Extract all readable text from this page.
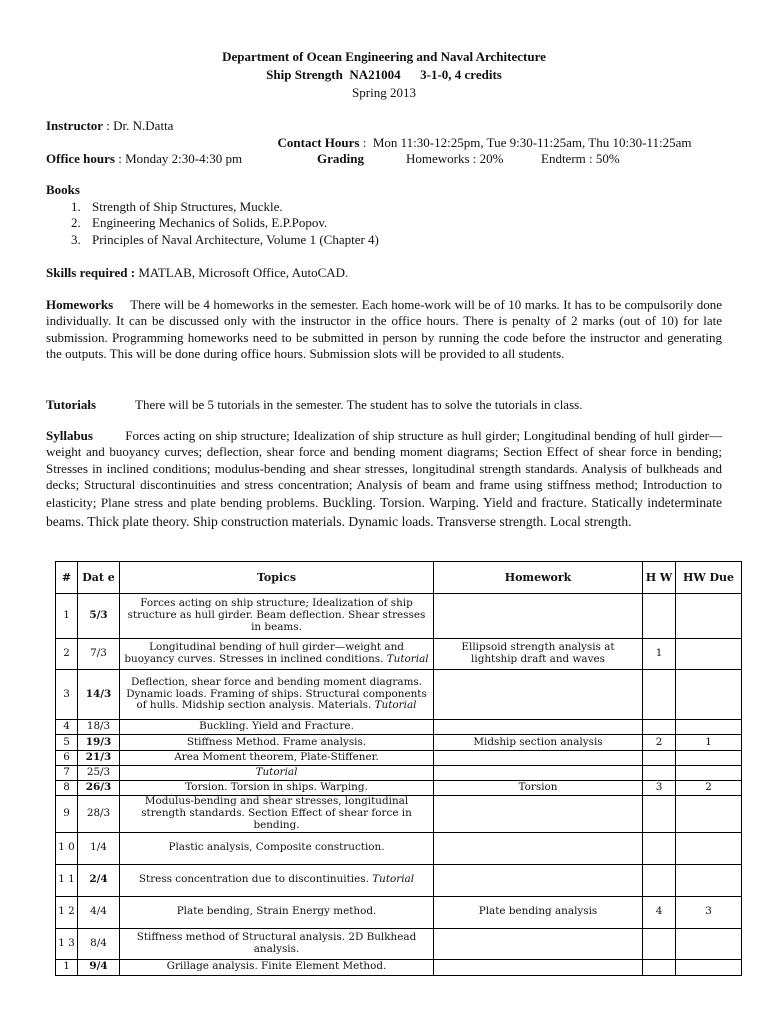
Department of Ocean Engineering and Naval Architecture
Ship Strength  NA21004      3-1-0, 4 credits
Spring 2013
Instructor : Dr. N.Datta

Contact Hours :  Mon 11:30-12:25pm, Tue 9:30-11:25am, Thu 10:30-11:25am

Office hours : Monday 2:30-4:30 pm	Grading	Homeworks : 20%	Endterm : 50%
Books
1. Strength of Ship Structures, Muckle.
2. Engineering Mechanics of Solids, E.P.Popov.
3. Principles of Naval Architecture, Volume 1 (Chapter 4)
Skills required : MATLAB, Microsoft Office, AutoCAD.
Homeworks There will be 4 homeworks in the semester. Each home-work will be of 10 marks. It has to be compulsorily done individually. It can be discussed only with the instructor in the office hours. There is penalty of 2 marks (out of 10) for late submission. Programming homeworks need to be submitted in person by running the code before the instructor and generating the outputs. This will be done during office hours. Submission slots will be provided to all students.
Tutorials	There will be 5 tutorials in the semester. The student has to solve the tutorials in class.
Syllabus Forces acting on ship structure; Idealization of ship structure as hull girder; Longitudinal bending of hull girder—weight and buoyancy curves; deflection, shear force and bending moment diagrams; Section Effect of shear force in bending; Stresses in inclined conditions; modulus-bending and shear stresses, longitudinal strength standards. Analysis of bulkheads and decks; Structural discontinuities and stress concentration; Analysis of beam and frame using stiffness method; Introduction to elasticity; Plane stress and plate bending problems. Buckling. Torsion. Warping. Yield and fracture. Statically indeterminate beams. Thick plate theory. Ship construction materials. Dynamic loads. Transverse strength. Local strength.
#	Dat e	Topics	Homework	H W	HW Due
1	5/3	Forces acting on ship structure; Idealization of ship structure as hull girder. Beam deflection. Shear stresses in beams.			
2	7/3	Longitudinal bending of hull girder—weight and buoyancy curves. Stresses in inclined conditions. Tutorial	Ellipsoid strength analysis at lightship draft and waves	1	
3	14/3	Deflection, shear force and bending moment diagrams. Dynamic loads. Framing of ships. Structural components of hulls. Midship section analysis. Materials. Tutorial			
4	18/3	Buckling. Yield and Fracture.			
5	19/3	Stiffness Method. Frame analysis.	Midship section analysis	2	1
6	21/3	Area Moment theorem, Plate-Stiffener.			
7	25/3	Tutorial			
8	26/3	Torsion. Torsion in ships. Warping.	Torsion	3	2
9	28/3	Modulus-bending and shear stresses, longitudinal strength standards. Section Effect of shear force in bending.			
1 0	1/4	Plastic analysis, Composite construction.			
1 1	2/4	Stress concentration due to discontinuities. Tutorial			
1 2	4/4	Plate bending, Strain Energy method.	Plate bending analysis	4	3
1 3	8/4	Stiffness method of Structural analysis. 2D Bulkhead analysis.			
1	9/4	Grillage analysis. Finite Element Method.			
